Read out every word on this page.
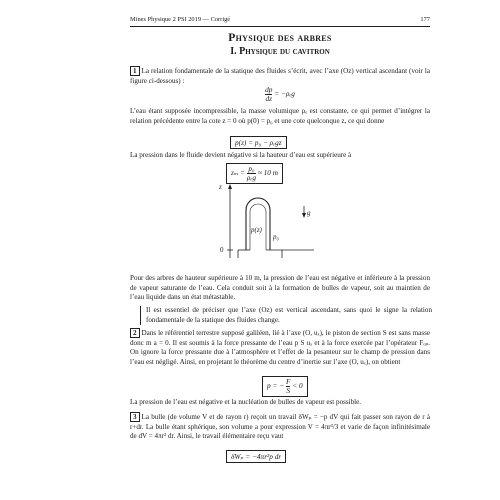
Mines Physique 2 PSI 2019 — Corrigé	177
Physique des arbres
I. Physique du cavitron
1 La relation fondamentale de la statique des fluides s’écrit, avec l’axe (Oz) vertical ascendant (voir la figure ci-dessous) :
$\frac{dp}{dz} = -\rho_eg$
L’eau étant supposée incompressible, la masse volumique ρₑ est constante, ce qui permet d’intégrer la relation précédente entre la cote z = 0 où p(0) = p₀ et une cote quelconque z, ce qui donne
p(z) = p₀ − ρₑgz
La pression dans le fluide devient négative si la hauteur d’eau est supérieure à
$z_m = \frac{\text{p₀}}{\text{ρₑg}} \approx 10$ m
z
0
p(z)
p₀
g
Pour des arbres de hauteur supérieure à 10 m, la pression de l’eau est négative et inférieure à la pression de vapeur saturante de l’eau. Cela conduit soit à la formation de bulles de vapeur, soit au maintien de l’eau liquide dans un état métastable.
Il est essentiel de préciser que l’axe (Oz) est vertical ascendant, sans quoi le signe la relation fondamentale de la statique des fluides change.
2 Dans le référentiel terrestre supposé galiléen, lié à l’axe (O, uₓ), le piston de section S est sans masse donc m a = 0. Il est soumis à la force pressante de l’eau p S uₓ et à la force exercée par l’opérateur Fₒₚ. On ignore la force pressante due à l’atmosphère et l’effet de la pesanteur sur le champ de pression dans l’eau est négligé. Ainsi, en projetant le théorème du centre d’inertie sur l’axe (O, uₓ), on obtient
p = − $\frac{F}{S} < 0$
La pression de l’eau est négative et la nucléation de bulles de vapeur est possible.
3 La bulle (de volume V et de rayon r) reçoit un travail δWₚ = −p dV qui fait passer son rayon de r à r+dr. La bulle étant sphérique, son volume a pour expression V = 4πr³/3 et varie de façon infinitésimale de dV = 4πr² dr. Ainsi, le travail élémentaire reçu vaut
δWₚ = −4πr²p dr
